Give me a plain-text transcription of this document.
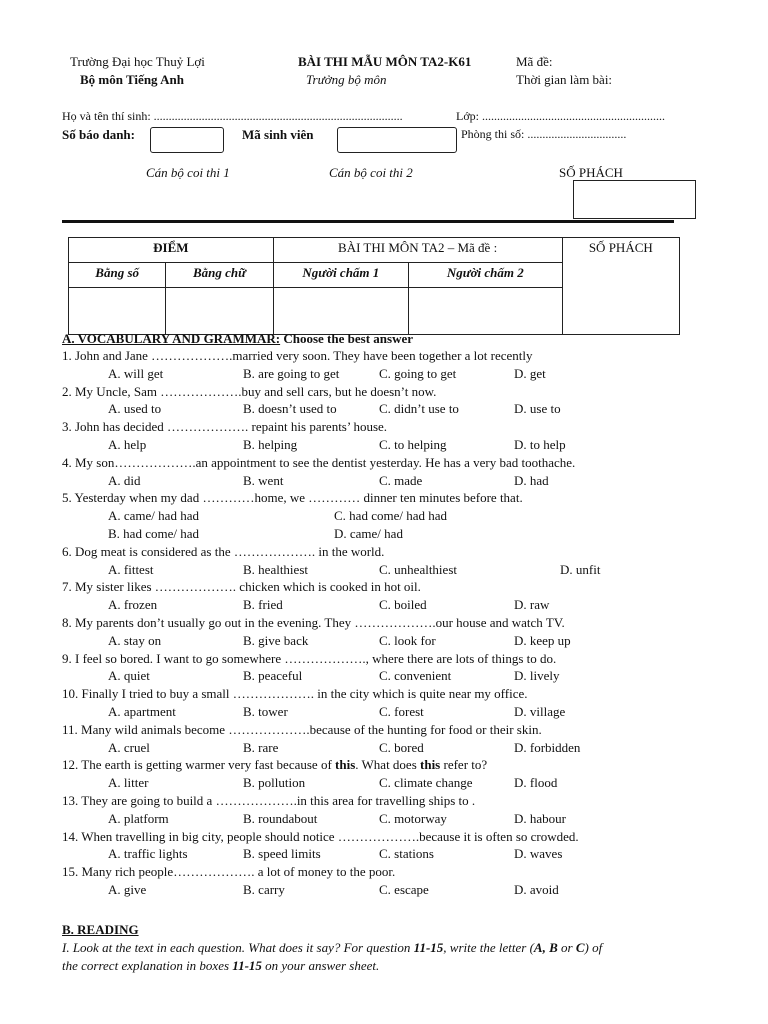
Trường Đại học Thuỷ Lợi
Bộ môn Tiếng Anh
BÀI THI MẪU MÔN TA2-K61
Trưởng bộ môn
Mã đề:
Thời gian làm bài:
Họ và tên thí sinh: ...................................................................................	Lớp: .............................................................
Số báo danh:	Mã sinh viên	Phòng thi số: .................................
Cán bộ coi thi 1	Cán bộ coi thi 2	SỐ PHÁCH
ĐIỂM		BÀI THI MÔN TA2 – Mã đề :		SỐ PHÁCH
Bằng số	Bằng chữ	Người chấm 1	Người chấm 2	

A. VOCABULARY AND GRAMMAR: Choose the best answer
1. John and Jane ……………….married very soon. They have been together a lot recently
A. will get	B. are going to get	C. going to get	D. get
2. My Uncle, Sam ……………….buy and sell cars, but he doesn’t now.
A. used to	B. doesn’t used to	C. didn’t use to	D. use to
3. John has decided ………………. repaint his parents’ house.
A. help	B. helping	C. to helping	D. to help
4. My son……………….an appointment to see the dentist yesterday. He has a very bad toothache.
A. did	B. went	C. made	D. had
5. Yesterday when my dad …………home, we ………… dinner ten minutes before that.
A. came/ had had	C. had come/ had had
B. had come/ had	D. came/ had
6. Dog meat is considered as the ………………. in the world.
A. fittest	B. healthiest	C. unhealthiest	D. unfit
7. My sister likes ………………. chicken which is cooked in hot oil.
A. frozen	B. fried	C. boiled	D. raw
8. My parents don’t usually go out in the evening. They ……………….our house and watch TV.
A. stay on	B. give back	C. look for	D. keep up
9. I feel so bored. I want to go somewhere ………………., where there are lots of things to do.
A. quiet	B. peaceful	C. convenient	D. lively
10. Finally I tried to buy a small ………………. in the city which is quite near my office.
A. apartment	B. tower	C. forest	D. village
11. Many wild animals become ……………….because of the hunting for food or their skin.
A. cruel	B. rare	C. bored	D. forbidden
12. The earth is getting warmer very fast because of this. What does this refer to?
A. litter	B. pollution	C. climate change	D. flood
13. They are going to build a ……………….in this area for travelling ships to .
A. platform	B. roundabout	C. motorway	D. habour
14. When travelling in big city, people should notice ……………….because it is often so crowded.
A. traffic lights	B. speed limits	C. stations	D. waves
15. Many rich people………………. a lot of money to the poor.
A. give	B. carry	C. escape	D. avoid
B. READING
I. Look at the text in each question. What does it say? For question 11-15, write the letter (A, B or C) of
the correct explanation in boxes 11-15 on your answer sheet.
